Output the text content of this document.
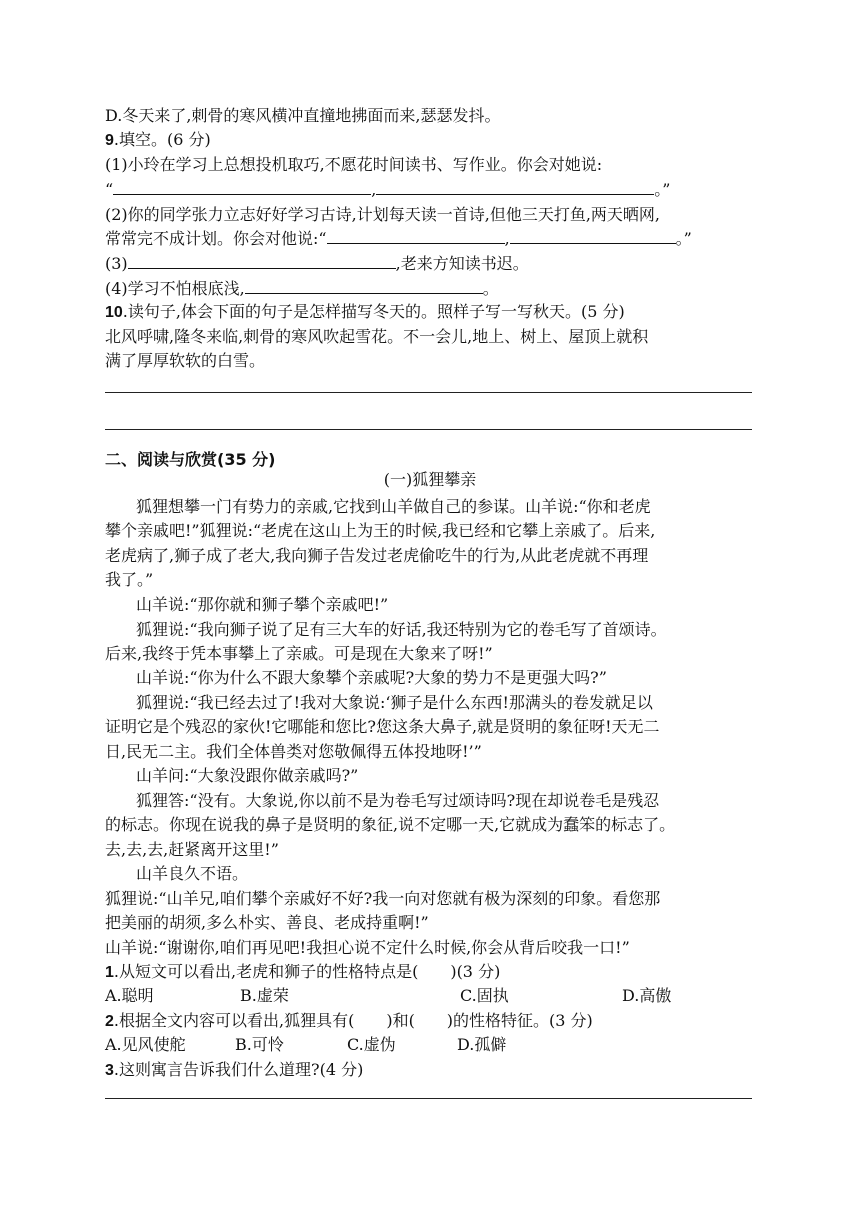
D.冬天来了,刺骨的寒风横冲直撞地拂面而来,瑟瑟发抖。
9.填空。(6 分)
(1)小玲在学习上总想投机取巧,不愿花时间读书、写作业。你会对她说:
“	,	。”
(2)你的同学张力立志好好学习古诗,计划每天读一首诗,但他三天打鱼,两天晒网,
常常完不成计划。你会对他说:“	,	。”
(3)	,老来方知读书迟。
(4)学习不怕根底浅,	。
10.读句子,体会下面的句子是怎样描写冬天的。照样子写一写秋天。(5 分)
北风呼啸,隆冬来临,刺骨的寒风吹起雪花。不一会儿,地上、树上、屋顶上就积
满了厚厚软软的白雪。
二、阅读与欣赏(35 分)
(一)狐狸攀亲
狐狸想攀一门有势力的亲戚,它找到山羊做自己的参谋。山羊说:“你和老虎
攀个亲戚吧!”狐狸说:“老虎在这山上为王的时候,我已经和它攀上亲戚了。后来,
老虎病了,狮子成了老大,我向狮子告发过老虎偷吃牛的行为,从此老虎就不再理
我了。”
山羊说:“那你就和狮子攀个亲戚吧!”
狐狸说:“我向狮子说了足有三大车的好话,我还特别为它的卷毛写了首颂诗。
后来,我终于凭本事攀上了亲戚。可是现在大象来了呀!”
山羊说:“你为什么不跟大象攀个亲戚呢?大象的势力不是更强大吗?”
狐狸说:“我已经去过了!我对大象说:‘狮子是什么东西!那满头的卷发就足以
证明它是个残忍的家伙!它哪能和您比?您这条大鼻子,就是贤明的象征呀!天无二
日,民无二主。我们全体兽类对您敬佩得五体投地呀!’”
山羊问:“大象没跟你做亲戚吗?”
狐狸答:“没有。大象说,你以前不是为卷毛写过颂诗吗?现在却说卷毛是残忍
的标志。你现在说我的鼻子是贤明的象征,说不定哪一天,它就成为蠢笨的标志了。
去,去,去,赶紧离开这里!”
山羊良久不语。
狐狸说:“山羊兄,咱们攀个亲戚好不好?我一向对您就有极为深刻的印象。看您那
把美丽的胡须,多么朴实、善良、老成持重啊!”
山羊说:“谢谢你,咱们再见吧!我担心说不定什么时候,你会从背后咬我一口!”
1.从短文可以看出,老虎和狮子的性格特点是(　　)(3 分)
A.聪明	B.虚荣	C.固执	D.高傲
2.根据全文内容可以看出,狐狸具有(　　)和(　　)的性格特征。(3 分)
A.见风使舵	B.可怜	C.虚伪	D.孤僻
3.这则寓言告诉我们什么道理?(4 分)
